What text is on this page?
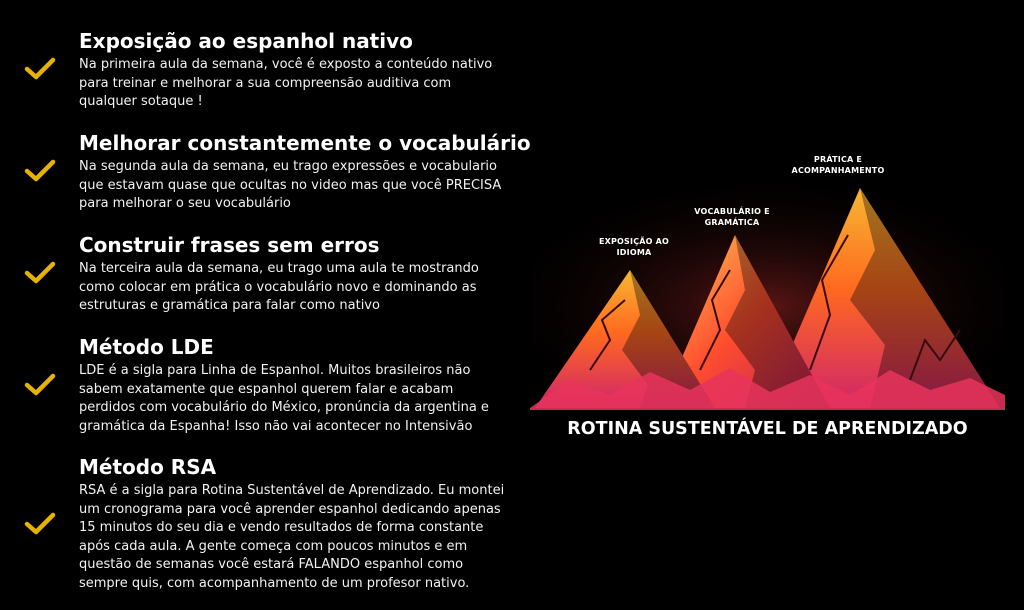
Exposição ao espanhol nativo

Na primeira aula da semana, você é exposto a conteúdo nativo para treinar e melhorar a sua compreensão auditiva com qualquer sotaque !

Melhorar constantemente o vocabulário

Na segunda aula da semana, eu trago expressões e vocabulario que estavam quase que ocultas no video mas que você PRECISA para melhorar o seu vocabulário

Construir frases sem erros

Na terceira aula da semana, eu trago uma aula te mostrando como colocar em prática o vocabulário novo e dominando as estruturas e gramática para falar como nativo

Método LDE

LDE é a sigla para Linha de Espanhol. Muitos brasileiros não sabem exatamente que espanhol querem falar e acabam perdidos com vocabulário do México, pronúncia da argentina e gramática da Espanha! Isso não vai acontecer no Intensivão

Método RSA

RSA é a sigla para Rotina Sustentável de Aprendizado. Eu montei um cronograma para você aprender espanhol dedicando apenas 15 minutos do seu dia e vendo resultados de forma constante após cada aula. A gente começa com poucos minutos e em questão de semanas você estará FALANDO espanhol como sempre quis, com acompanhamento de um profesor nativo.

EXPOSIÇÃO AO
IDIOMA
VOCABULÁRIO E
GRAMÁTICA
PRÁTICA E
ACOMPANHAMENTO
ROTINA SUSTENTÁVEL DE APRENDIZADO
